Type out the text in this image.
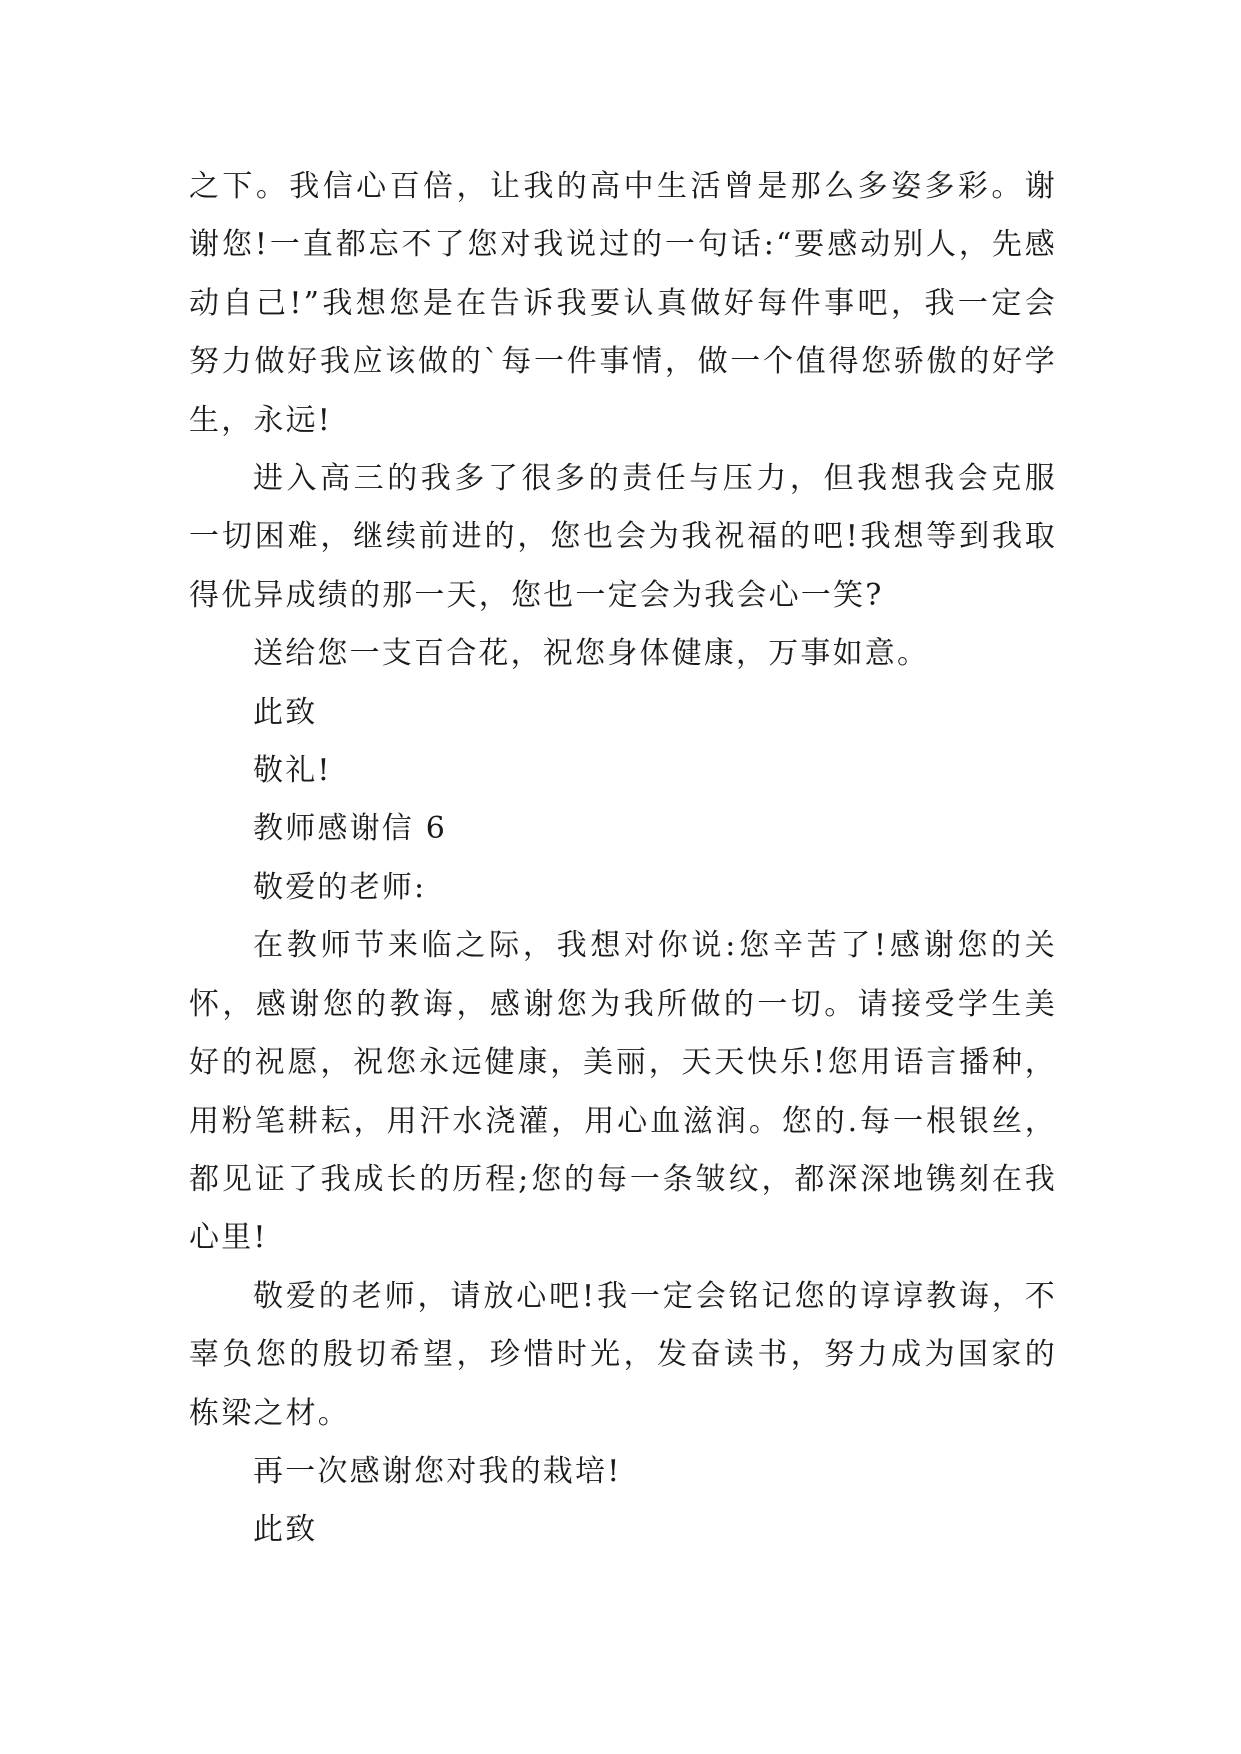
之下。我信心百倍，让我的高中生活曾是那么多姿多彩。谢谢您!一直都忘不了您对我说过的一句话:“要感动别人，先感动自己!”我想您是在告诉我要认真做好每件事吧，我一定会努力做好我应该做的`每一件事情，做一个值得您骄傲的好学生，永远!

进入高三的我多了很多的责任与压力，但我想我会克服一切困难，继续前进的，您也会为我祝福的吧!我想等到我取得优异成绩的那一天，您也一定会为我会心一笑?

送给您一支百合花，祝您身体健康，万事如意。

此致

敬礼!

教师感谢信 6

敬爱的老师:

在教师节来临之际，我想对你说:您辛苦了!感谢您的关怀，感谢您的教诲，感谢您为我所做的一切。请接受学生美好的祝愿，祝您永远健康，美丽，天天快乐!您用语言播种，用粉笔耕耘，用汗水浇灌，用心血滋润。您的.每一根银丝，都见证了我成长的历程;您的每一条皱纹，都深深地镌刻在我心里!

敬爱的老师，请放心吧!我一定会铭记您的谆谆教诲，不辜负您的殷切希望，珍惜时光，发奋读书，努力成为国家的栋梁之材。

再一次感谢您对我的栽培!

此致
